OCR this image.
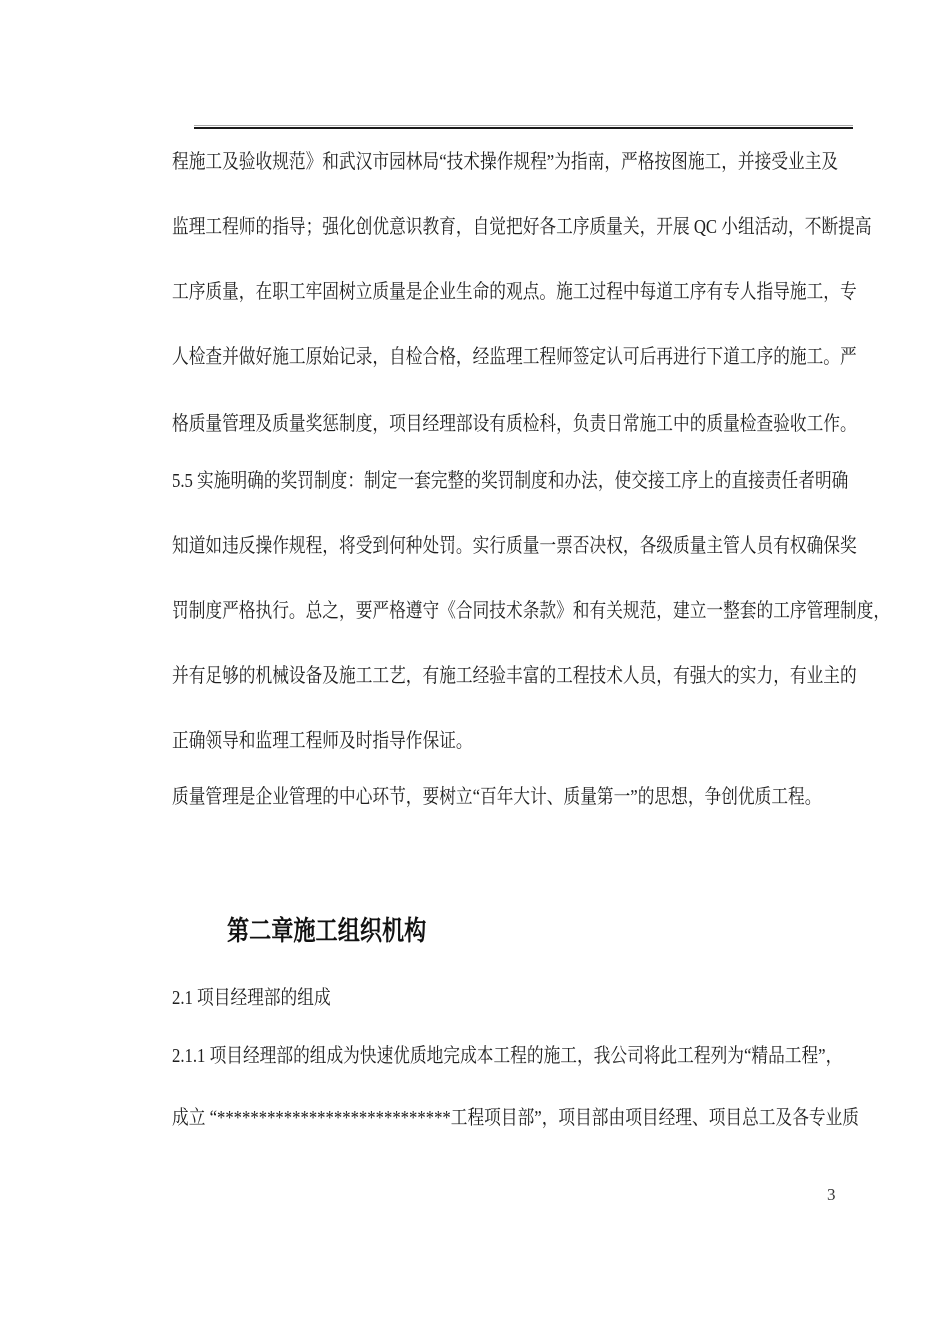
程施工及验收规范》和武汉市园林局“技术操作规程”为指南，严格按图施工，并接受业主及
监理工程师的指导；强化创优意识教育，自觉把好各工序质量关，开展 QC 小组活动，不断提高
工序质量，在职工牢固树立质量是企业生命的观点。施工过程中每道工序有专人指导施工，专
人检查并做好施工原始记录，自检合格，经监理工程师签定认可后再进行下道工序的施工。严
格质量管理及质量奖惩制度，项目经理部设有质检科，负责日常施工中的质量检查验收工作。
5.5 实施明确的奖罚制度：制定一套完整的奖罚制度和办法，使交接工序上的直接责任者明确
知道如违反操作规程，将受到何种处罚。实行质量一票否决权，各级质量主管人员有权确保奖
罚制度严格执行。总之，要严格遵守《合同技术条款》和有关规范，建立一整套的工序管理制度，
并有足够的机械设备及施工工艺，有施工经验丰富的工程技术人员，有强大的实力，有业主的
正确领导和监理工程师及时指导作保证。
质量管理是企业管理的中心环节，要树立“百年大计、质量第一”的思想，争创优质工程。
第二章施工组织机构
2.1 项目经理部的组成
2.1.1 项目经理部的组成为快速优质地完成本工程的施工，我公司将此工程列为“精品工程”，
成立 “****************************工程项目部”，项目部由项目经理、项目总工及各专业质
3
